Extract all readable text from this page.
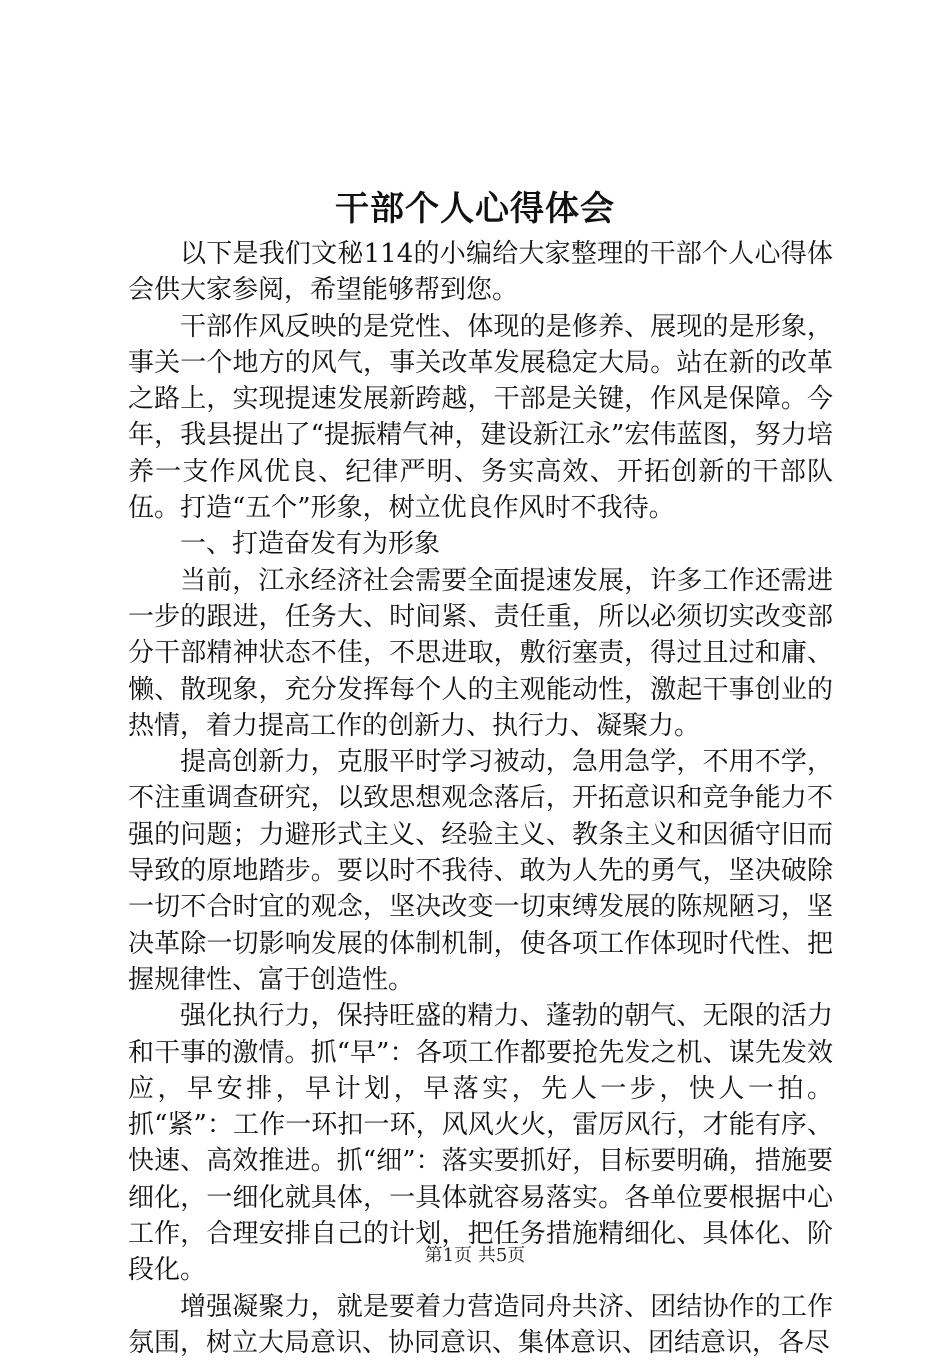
干部个人心得体会

以下是我们文秘114的小编给大家整理的干部个人心得体会供大家参阅，希望能够帮到您。

干部作风反映的是党性、体现的是修养、展现的是形象，事关一个地方的风气，事关改革发展稳定大局。站在新的改革之路上，实现提速发展新跨越，干部是关键，作风是保障。今年，我县提出了“提振精气神，建设新江永”宏伟蓝图，努力培养一支作风优良、纪律严明、务实高效、开拓创新的干部队伍。打造“五个”形象，树立优良作风时不我待。

一、打造奋发有为形象

当前，江永经济社会需要全面提速发展，许多工作还需进一步的跟进，任务大、时间紧、责任重，所以必须切实改变部分干部精神状态不佳，不思进取，敷衍塞责，得过且过和庸、懒、散现象，充分发挥每个人的主观能动性，激起干事创业的热情，着力提高工作的创新力、执行力、凝聚力。

提高创新力，克服平时学习被动，急用急学，不用不学，不注重调查研究，以致思想观念落后，开拓意识和竞争能力不强的问题；力避形式主义、经验主义、教条主义和因循守旧而导致的原地踏步。要以时不我待、敢为人先的勇气，坚决破除一切不合时宜的观念，坚决改变一切束缚发展的陈规陋习，坚决革除一切影响发展的体制机制，使各项工作体现时代性、把握规律性、富于创造性。

强化执行力，保持旺盛的精力、蓬勃的朝气、无限的活力和干事的激情。抓“早”：各项工作都要抢先发之机、谋先发效应，早安排，早计划，早落实，先人一步，快人一拍。抓“紧”：工作一环扣一环，风风火火，雷厉风行，才能有序、快速、高效推进。抓“细”：落实要抓好，目标要明确，措施要细化，一细化就具体，一具体就容易落实。各单位要根据中心工作，合理安排自己的计划，把任务措施精细化、具体化、阶段化。

增强凝聚力，就是要着力营造同舟共济、团结协作的工作氛围，树立大局意识、协同意识、集体意识、团结意识，各尽

第1页 共5页
